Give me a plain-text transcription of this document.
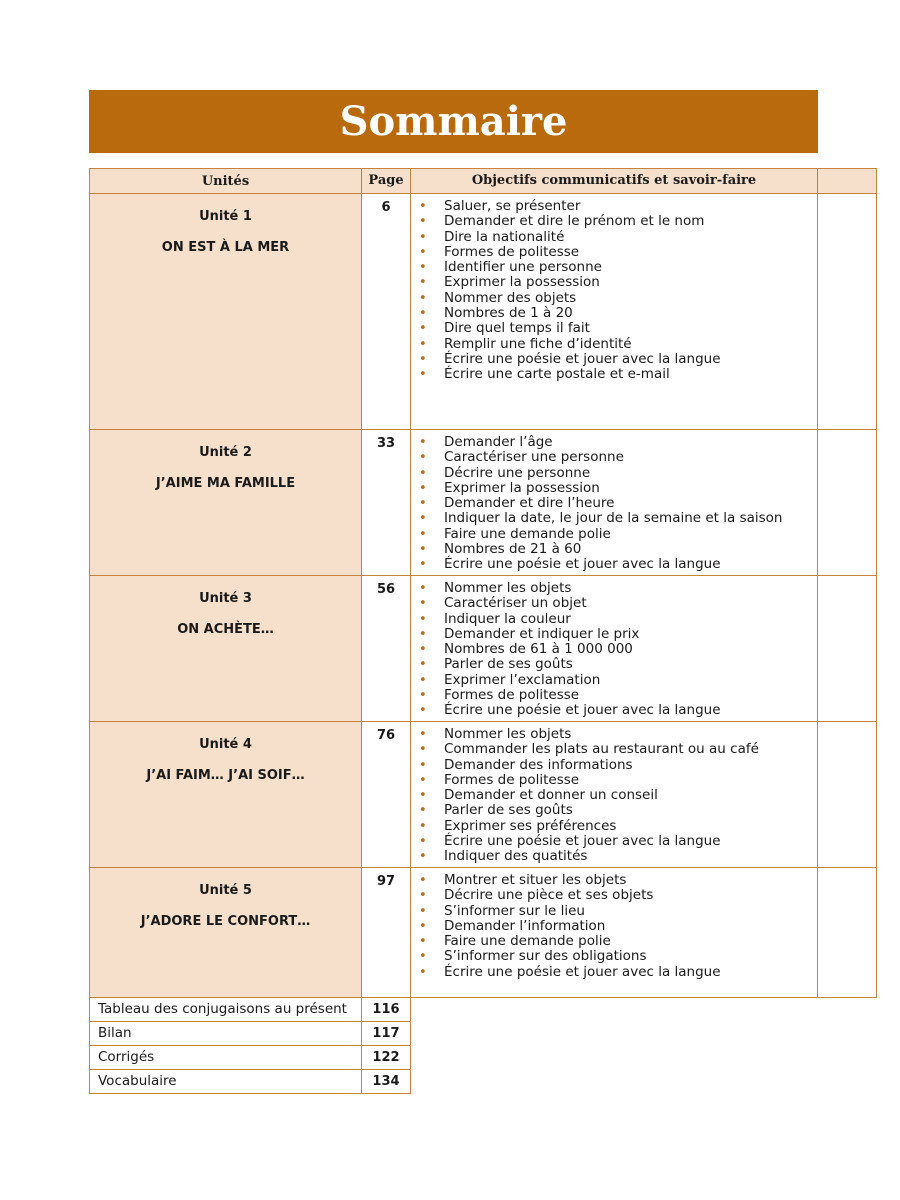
Sommaire
Unités	Page	Objectifs communicatifs et savoir-faire
Unité 1
ON EST À LA MER
6	• Saluer, se présenter
• Demander et dire le prénom et le nom
• Dire la nationalité
• Formes de politesse
• Identifier une personne
• Exprimer la possession
• Nommer des objets
• Nombres de 1 à 20
• Dire quel temps il fait
• Remplir une fiche d’identité
• Écrire une poésie et jouer avec la langue
• Écrire une carte postale et e-mail
Unité 2
J’AIME MA FAMILLE
33	• Demander l’âge
• Caractériser une personne
• Décrire une personne
• Exprimer la possession
• Demander et dire l’heure
• Indiquer la date, le jour de la semaine et la saison
• Faire une demande polie
• Nombres de 21 à 60
• Écrire une poésie et jouer avec la langue
Unité 3
ON ACHÈTE…
56	• Nommer les objets
• Caractériser un objet
• Indiquer la couleur
• Demander et indiquer le prix
• Nombres de 61 à 1 000 000
• Parler de ses goûts
• Exprimer l’exclamation
• Formes de politesse
• Écrire une poésie et jouer avec la langue
Unité 4
J’AI FAIM… J’AI SOIF…
76	• Nommer les objets
• Commander les plats au restaurant ou au café
• Demander des informations
• Formes de politesse
• Demander et donner un conseil
• Parler de ses goûts
• Exprimer ses préférences
• Écrire une poésie et jouer avec la langue
• Indiquer des quatités
Unité 5
J’ADORE LE CONFORT…
97	• Montrer et situer les objets
• Décrire une pièce et ses objets
• S’informer sur le lieu
• Demander l’information
• Faire une demande polie
• S’informer sur des obligations
• Écrire une poésie et jouer avec la langue
Tableau des conjugaisons au présent	116
Bilan	117
Corrigés	122
Vocabulaire	134
